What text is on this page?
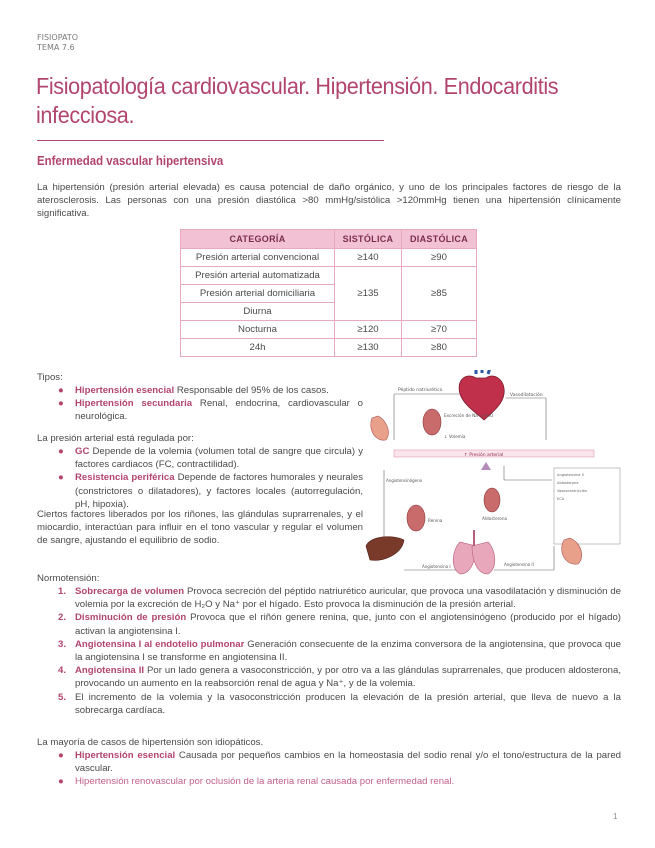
FISIOPATO
TEMA 7.6
Fisiopatología cardiovascular. Hipertensión. Endocarditis infecciosa.
Enfermedad vascular hipertensiva

La hipertensión (presión arterial elevada) es causa potencial de daño orgánico, y uno de los principales factores de riesgo de la aterosclerosis. Las personas con una presión diastólica >80 mmHg/sistólica >120mmHg tienen una hipertensión clínicamente significativa.

CATEGORÍA	SISTÓLICA	DIASTÓLICA
Presión arterial convencional	≥140	≥90
Presión arterial automatizada	≥135	≥85
Presión arterial domiciliaria		
Diurna		
Nocturna	≥120	≥70
24h	≥130	≥80
Tipos:
● Hipertensión esencial Responsable del 95% de los casos.
● Hipertensión secundaria Renal, endocrina, cardiovascular o neurológica.
La presión arterial está regulada por:
● GC Depende de la volemia (volumen total de sangre que circula) y factores cardiacos (FC, contractilidad).
● Resistencia periférica Depende de factores humorales y neurales (constrictores o dilatadores), y factores locales (autorregulación, pH, hipoxia).

Ciertos factores liberados por los riñones, las glándulas suprarrenales, y el miocardio, interactúan para influir en el tono vascular y regular el volumen de sangre, ajustando el equilibrio de sodio.

Péptido natriurético
Vasodilatación
Excreción de Na⁺ y H₂O
↓ Volemia
↑ Presión arterial
Angiotensina II
Aldosterona
Vasoconstricción
ECA
Aldosterona
Renina
Angiotensinógeno
Angiotensina I	Angiotensina II
Normotensión:
1. Sobrecarga de volumen Provoca secreción del péptido natriurético auricular, que provoca una vasodilatación y disminución de volemia por la excreción de H₂O y Na⁺ por el hígado. Esto provoca la disminución de la presión arterial.
2. Disminución de presión Provoca que el riñón genere renina, que, junto con el angiotensinógeno (producido por el hígado) activan la angiotensina I.
3. Angiotensina I al endotelio pulmonar Generación consecuente de la enzima conversora de la angiotensina, que provoca que la angiotensina I se transforme en angiotensina II.
4. Angiotensina II Por un lado genera a vasoconstricción, y por otro va a las glándulas suprarrenales, que producen aldosterona, provocando un aumento en la reabsorción renal de agua y Na⁺, y de la volemia.
5. El incremento de la volemia y la vasoconstricción producen la elevación de la presión arterial, que lleva de nuevo a la sobrecarga cardíaca.
La mayoría de casos de hipertensión son idiopáticos.
● Hipertensión esencial Causada por pequeños cambios en la homeostasia del sodio renal y/o el tono/estructura de la pared vascular.
● Hipertensión renovascular por oclusión de la arteria renal causada por enfermedad renal.
1
